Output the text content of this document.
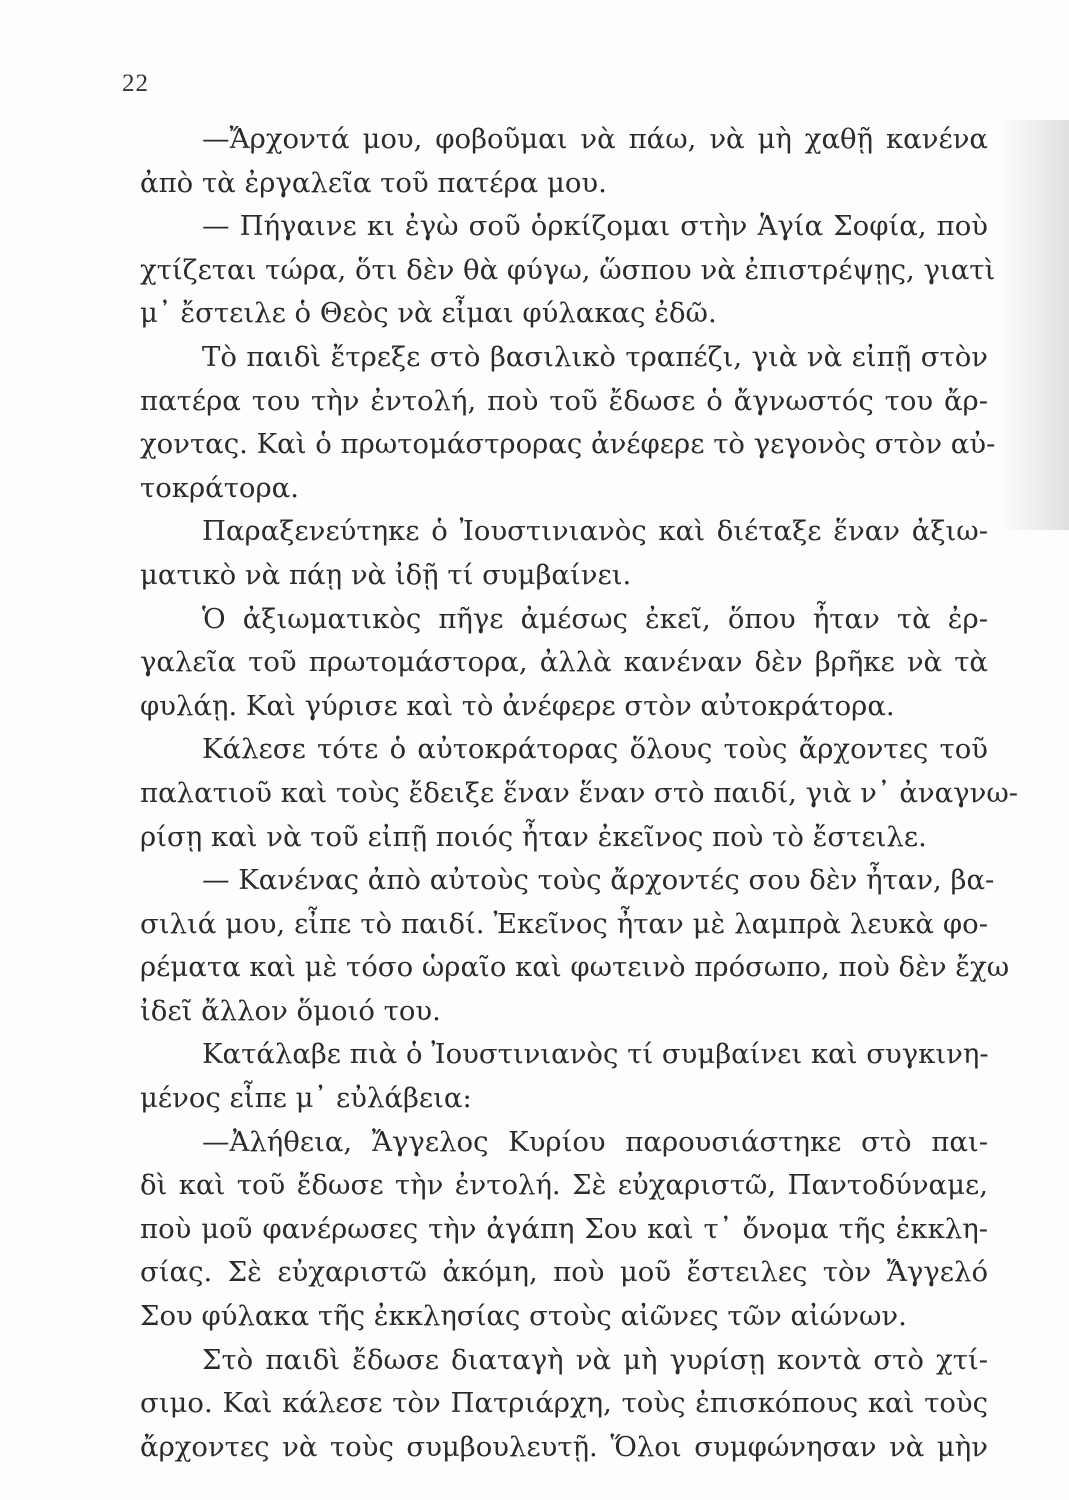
22
—Ἄρχοντά μου, φοβοῦμαι νὰ πάω, νὰ μὴ χαθῇ κανένα
ἀπὸ τὰ ἐργαλεῖα τοῦ πατέρα μου.
— Πήγαινε κι ἐγὼ σοῦ ὁρκίζομαι στὴν Ἁγία Σοφία, ποὺ
χτίζεται τώρα, ὅτι δὲν θὰ φύγω, ὥσπου νὰ ἐπιστρέψῃς, γιατὶ
μ᾽ ἔστειλε ὁ Θεὸς νὰ εἶμαι φύλακας ἐδῶ.
Τὸ παιδὶ ἔτρεξε στὸ βασιλικὸ τραπέζι, γιὰ νὰ εἰπῇ στὸν
πατέρα του τὴν ἐντολή, ποὺ τοῦ ἔδωσε ὁ ἄγνωστός του ἄρ-
χοντας. Καὶ ὁ πρωτομάστρορας ἀνέφερε τὸ γεγονὸς στὸν αὐ-
τοκράτορα.
Παραξενεύτηκε ὁ Ἰουστινιανὸς καὶ διέταξε ἕναν ἀξιω-
ματικὸ νὰ πάῃ νὰ ἰδῇ τί συμβαίνει.
Ὁ ἀξιωματικὸς πῆγε ἀμέσως ἐκεῖ, ὅπου ἦταν τὰ ἐρ-
γαλεῖα τοῦ πρωτομάστορα, ἀλλὰ κανέναν δὲν βρῆκε νὰ τὰ
φυλάῃ. Καὶ γύρισε καὶ τὸ ἀνέφερε στὸν αὐτοκράτορα.
Κάλεσε τότε ὁ αὐτοκράτορας ὅλους τοὺς ἄρχοντες τοῦ
παλατιοῦ καὶ τοὺς ἔδειξε ἕναν ἕναν στὸ παιδί, γιὰ ν᾽ ἀναγνω-
ρίσῃ καὶ νὰ τοῦ εἰπῇ ποιός ἦταν ἐκεῖνος ποὺ τὸ ἔστειλε.
— Κανένας ἀπὸ αὐτοὺς τοὺς ἄρχοντές σου δὲν ἦταν, βα-
σιλιά μου, εἶπε τὸ παιδί. Ἐκεῖνος ἦταν μὲ λαμπρὰ λευκὰ φο-
ρέματα καὶ μὲ τόσο ὡραῖο καὶ φωτεινὸ πρόσωπο, ποὺ δὲν ἔχω
ἰδεῖ ἄλλον ὅμοιό του.
Κατάλαβε πιὰ ὁ Ἰουστινιανὸς τί συμβαίνει καὶ συγκινη-
μένος εἶπε μ᾽ εὐλάβεια:
—Ἀλήθεια, Ἄγγελος Κυρίου παρουσιάστηκε στὸ παι-
δὶ καὶ τοῦ ἔδωσε τὴν ἐντολή. Σὲ εὐχαριστῶ, Παντοδύναμε,
ποὺ μοῦ φανέρωσες τὴν ἀγάπη Σου καὶ τ᾽ ὄνομα τῆς ἐκκλη-
σίας. Σὲ εὐχαριστῶ ἀκόμη, ποὺ μοῦ ἔστειλες τὸν Ἄγγελό
Σου φύλακα τῆς ἐκκλησίας στοὺς αἰῶνες τῶν αἰώνων.
Στὸ παιδὶ ἔδωσε διαταγὴ νὰ μὴ γυρίσῃ κοντὰ στὸ χτί-
σιμο. Καὶ κάλεσε τὸν Πατριάρχη, τοὺς ἐπισκόπους καὶ τοὺς
ἄρχοντες νὰ τοὺς συμβουλευτῇ. Ὅλοι συμφώνησαν νὰ μὴν
